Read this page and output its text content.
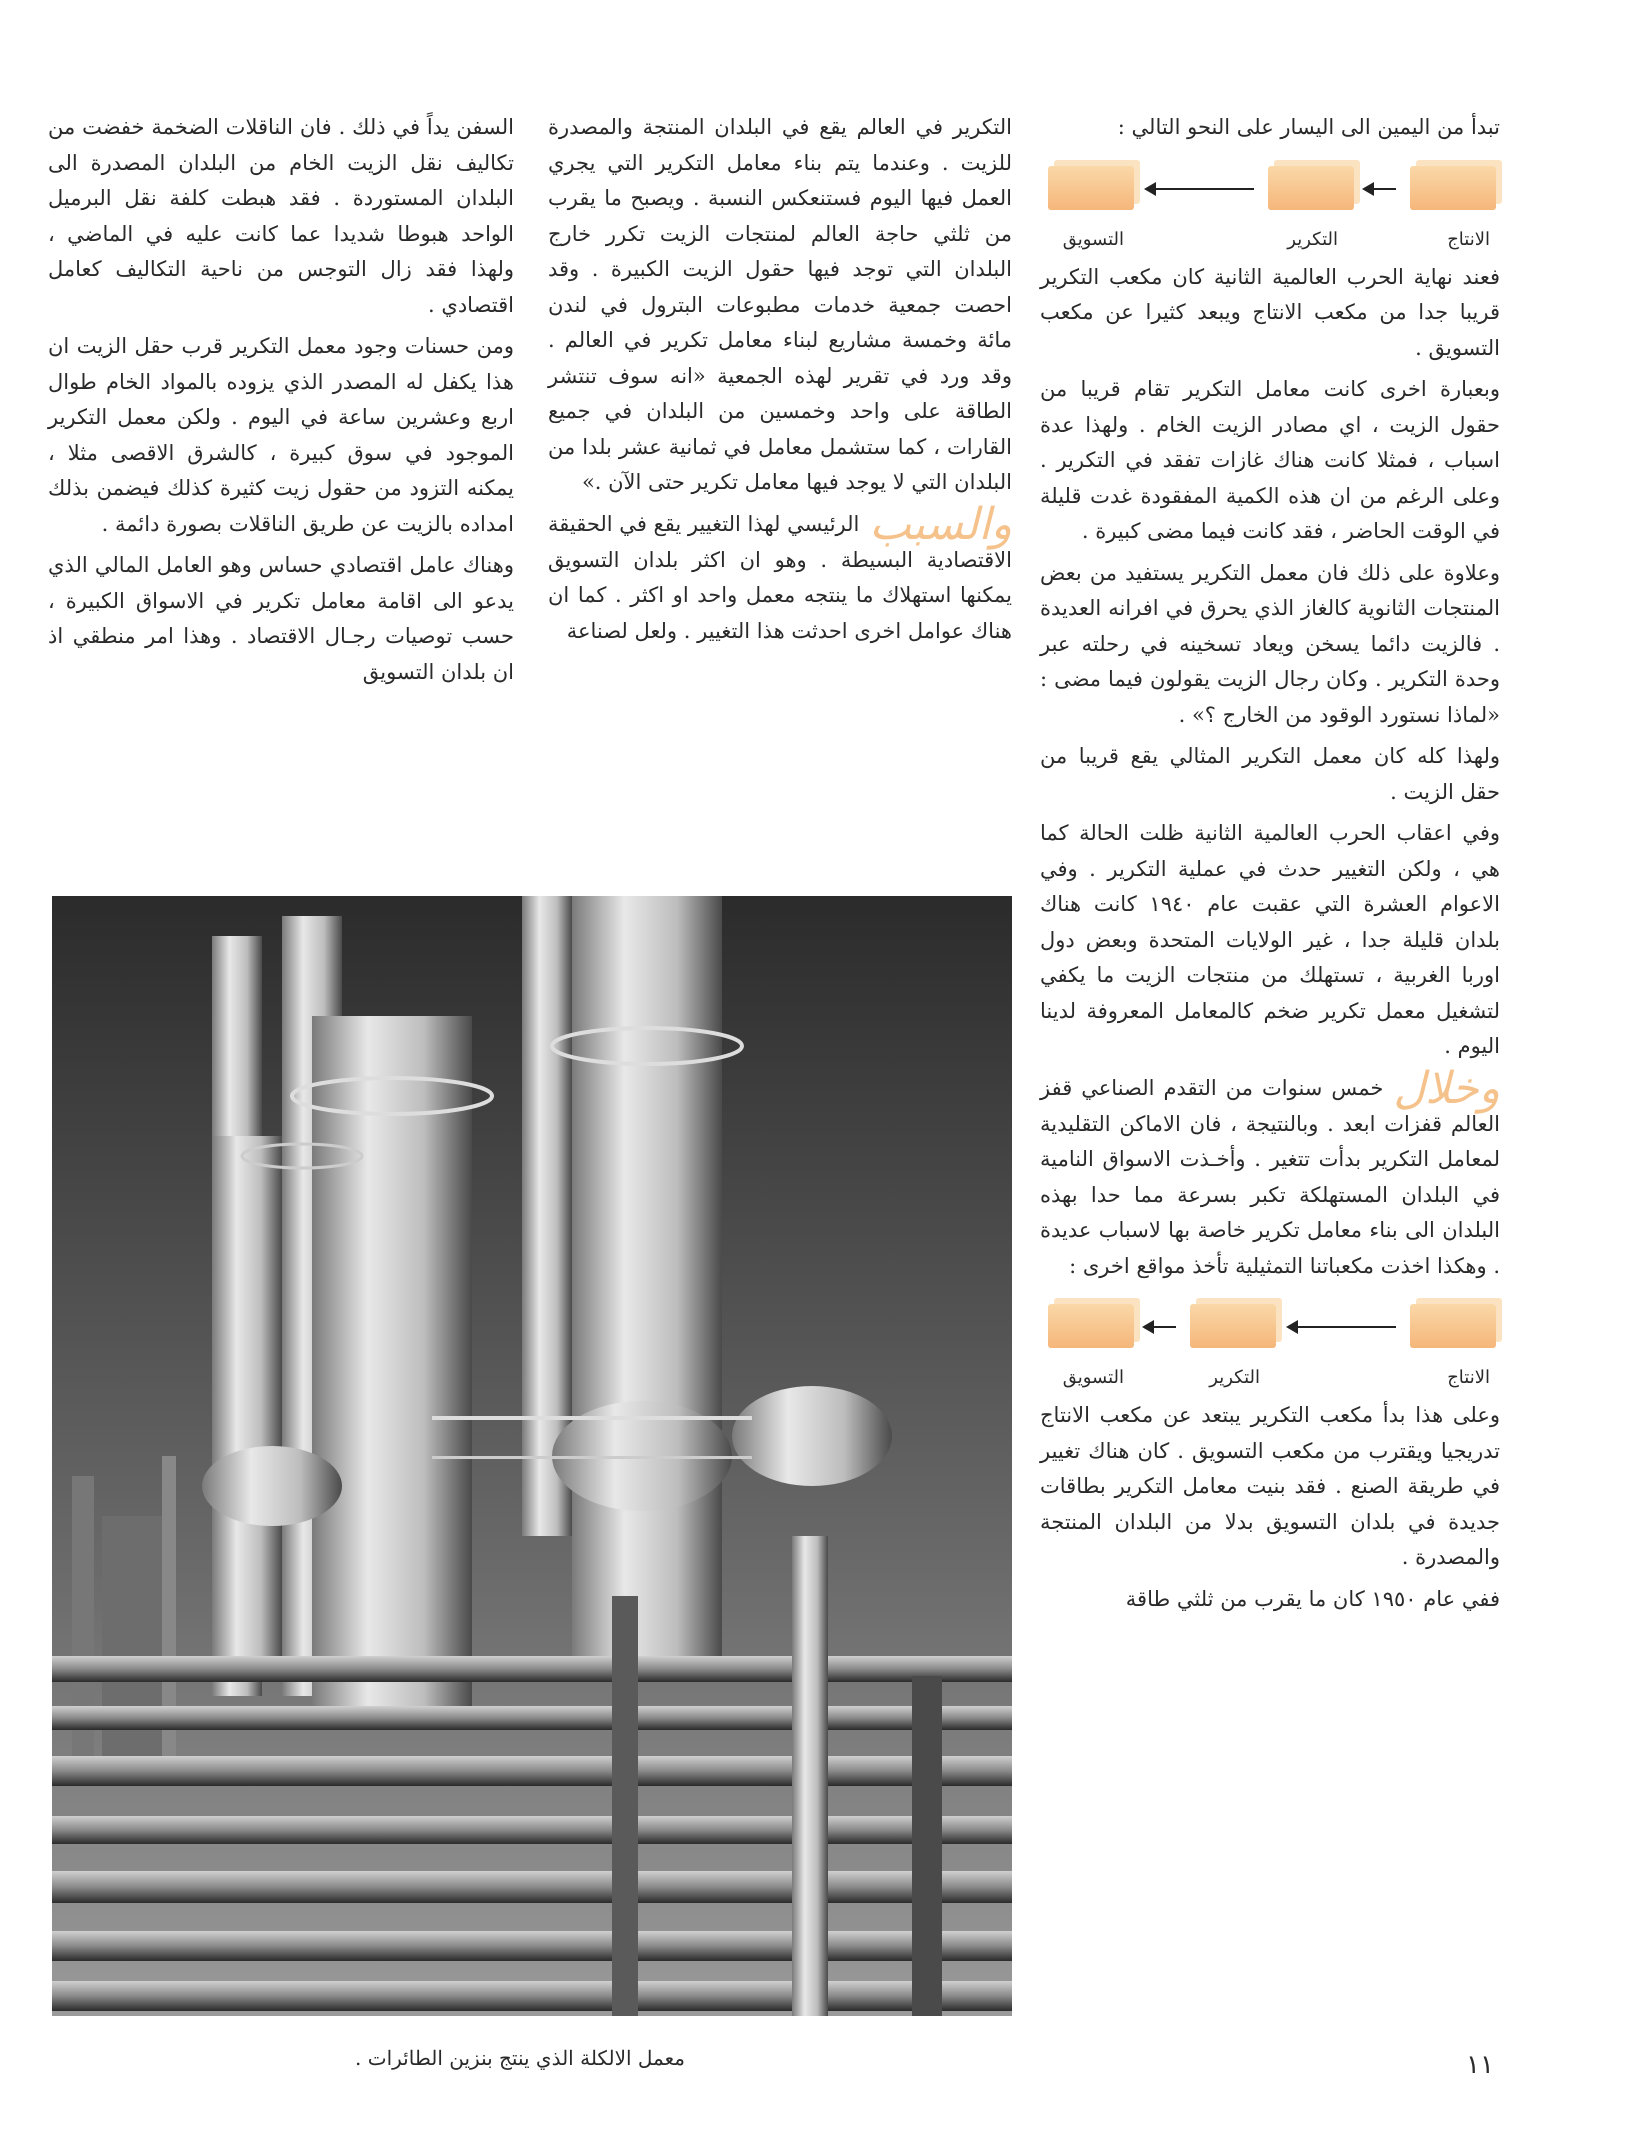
تبدأ من اليمين الى اليسار على النحو التالي :

الانتاج
التكرير
التسويق

فعند نهاية الحرب العالمية الثانية كان مكعب التكرير قريبا جدا من مكعب الانتاج ويبعد كثيرا عن مكعب التسويق .

وبعبارة اخرى كانت معامل التكرير تقام قريبا من حقول الزيت ، اي مصادر الزيت الخام . ولهذا عدة اسباب ، فمثلا كانت هناك غازات تفقد في التكرير . وعلى الرغم من ان هذه الكمية المفقودة غدت قليلة في الوقت الحاضر ، فقد كانت فيما مضى كبيرة .

وعلاوة على ذلك فان معمل التكرير يستفيد من بعض المنتجات الثانوية كالغاز الذي يحرق في افرانه العديدة . فالزيت دائما يسخن ويعاد تسخينه في رحلته عبر وحدة التكرير . وكان رجال الزيت يقولون فيما مضى : «لماذا نستورد الوقود من الخارج ؟» .

ولهذا كله كان معمل التكرير المثالي يقع قريبا من حقل الزيت .

وفي اعقاب الحرب العالمية الثانية ظلت الحالة كما هي ، ولكن التغيير حدث في عملية التكرير . وفي الاعوام العشرة التي عقبت عام ١٩٤٠ كانت هناك بلدان قليلة جدا ، غير الولايات المتحدة وبعض دول اوربا الغربية ، تستهلك من منتجات الزيت ما يكفي لتشغيل معمل تكرير ضخم كالمعامل المعروفة لدينا اليوم .

وخلالخمس سنوات من التقدم الصناعي قفز العالم قفزات ابعد . وبالنتيجة ، فان الاماكن التقليدية لمعامل التكرير بدأت تتغير . وأخـذت الاسواق النامية في البلدان المستهلكة تكبر بسرعة مما حدا بهذه البلدان الى بناء معامل تكرير خاصة بها لاسباب عديدة . وهكذا اخذت مكعباتنا التمثيلية تأخذ مواقع اخرى :

الانتاج
التكرير
التسويق

وعلى هذا بدأ مكعب التكرير يبتعد عن مكعب الانتاج تدريجيا ويقترب من مكعب التسويق . كان هناك تغيير في طريقة الصنع . فقد بنيت معامل التكرير بطاقات جديدة في بلدان التسويق بدلا من البلدان المنتجة والمصدرة .

ففي عام ١٩٥٠ كان ما يقرب من ثلثي طاقة

التكرير في العالم يقع في البلدان المنتجة والمصدرة للزيت . وعندما يتم بناء معامل التكرير التي يجري العمل فيها اليوم فستنعكس النسبة . ويصبح ما يقرب من ثلثي حاجة العالم لمنتجات الزيت تكرر خارج البلدان التي توجد فيها حقول الزيت الكبيرة . وقد احصت جمعية خدمات مطبوعات البترول في لندن مائة وخمسة مشاريع لبناء معامل تكرير في العالم . وقد ورد في تقرير لهذه الجمعية «انه سوف تنتشر الطاقة على واحد وخمسين من البلدان في جميع القارات ، كما ستشمل معامل في ثمانية عشر بلدا من البلدان التي لا يوجد فيها معامل تكرير حتى الآن .»

والسببالرئيسي لهذا التغيير يقع في الحقيقة الاقتصادية البسيطة . وهو ان اكثر بلدان التسويق يمكنها استهلاك ما ينتجه معمل واحد او اكثر . كما ان هناك عوامل اخرى احدثت هذا التغيير . ولعل لصناعة

السفن يداً في ذلك . فان الناقلات الضخمة خفضت من تكاليف نقل الزيت الخام من البلدان المصدرة الى البلدان المستوردة . فقد هبطت كلفة نقل البرميل الواحد هبوطا شديدا عما كانت عليه في الماضي ، ولهذا فقد زال التوجس من ناحية التكاليف كعامل اقتصادي .

ومن حسنات وجود معمل التكرير قرب حقل الزيت ان هذا يكفل له المصدر الذي يزوده بالمواد الخام طوال اربع وعشرين ساعة في اليوم . ولكن معمل التكرير الموجود في سوق كبيرة ، كالشرق الاقصى مثلا ، يمكنه التزود من حقول زيت كثيرة كذلك فيضمن بذلك امداده بالزيت عن طريق الناقلات بصورة دائمة .

وهناك عامل اقتصادي حساس وهو العامل المالي الذي يدعو الى اقامة معامل تكرير في الاسواق الكبيرة ، حسب توصيات رجـال الاقتصاد . وهذا امر منطقي اذ ان بلدان التسويق

معمل الالكلة الذي ينتج بنزين الطائرات .	١١
